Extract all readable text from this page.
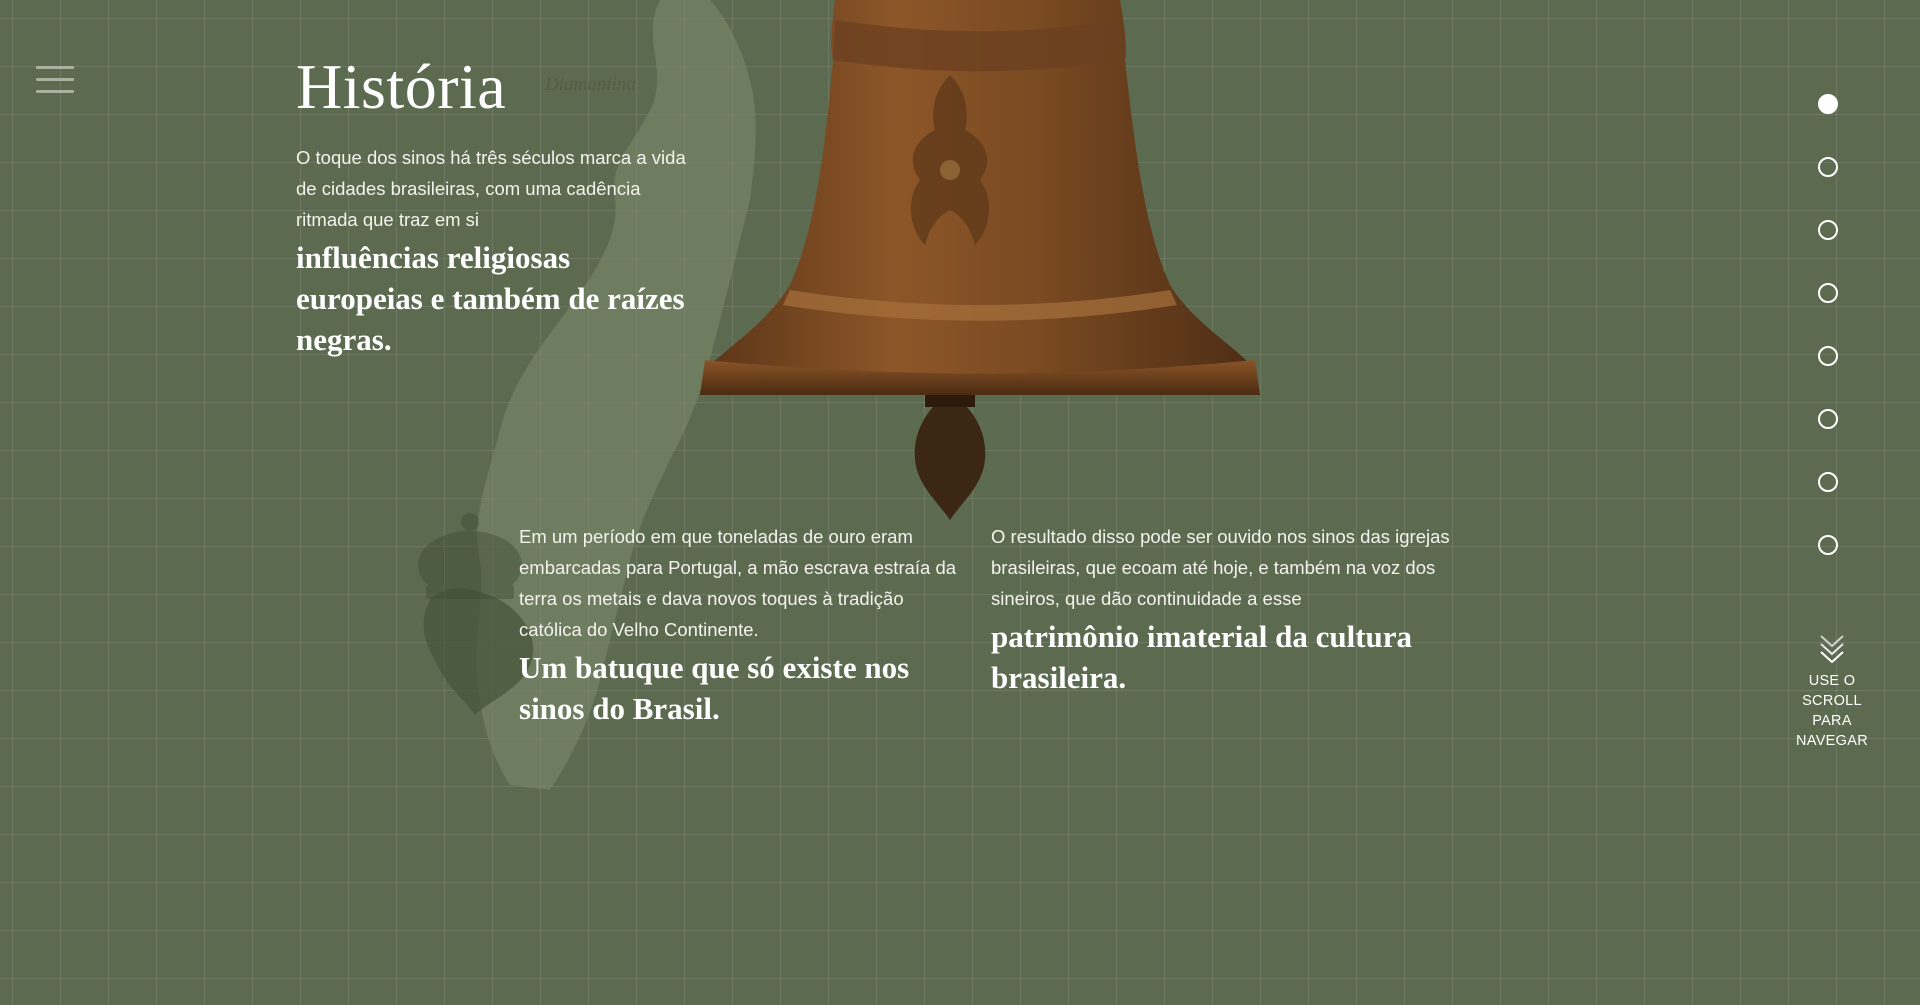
Diamantina
História

O toque dos sinos há três séculos marca a vida de cidades brasileiras, com uma cadência ritmada que traz em si

influências religiosas europeias e também de raízes negras.

Em um período em que toneladas de ouro eram embarcadas para Portugal, a mão escrava estraía da terra os metais e dava novos toques à tradição católica do Velho Continente.

Um batuque que só existe nos sinos do Brasil.

O resultado disso pode ser ouvido nos sinos das igrejas brasileiras, que ecoam até hoje, e também na voz dos sineiros, que dão continuidade a esse

patrimônio imaterial da cultura brasileira.	USE O
SCROLL
PARA
NAVEGAR
